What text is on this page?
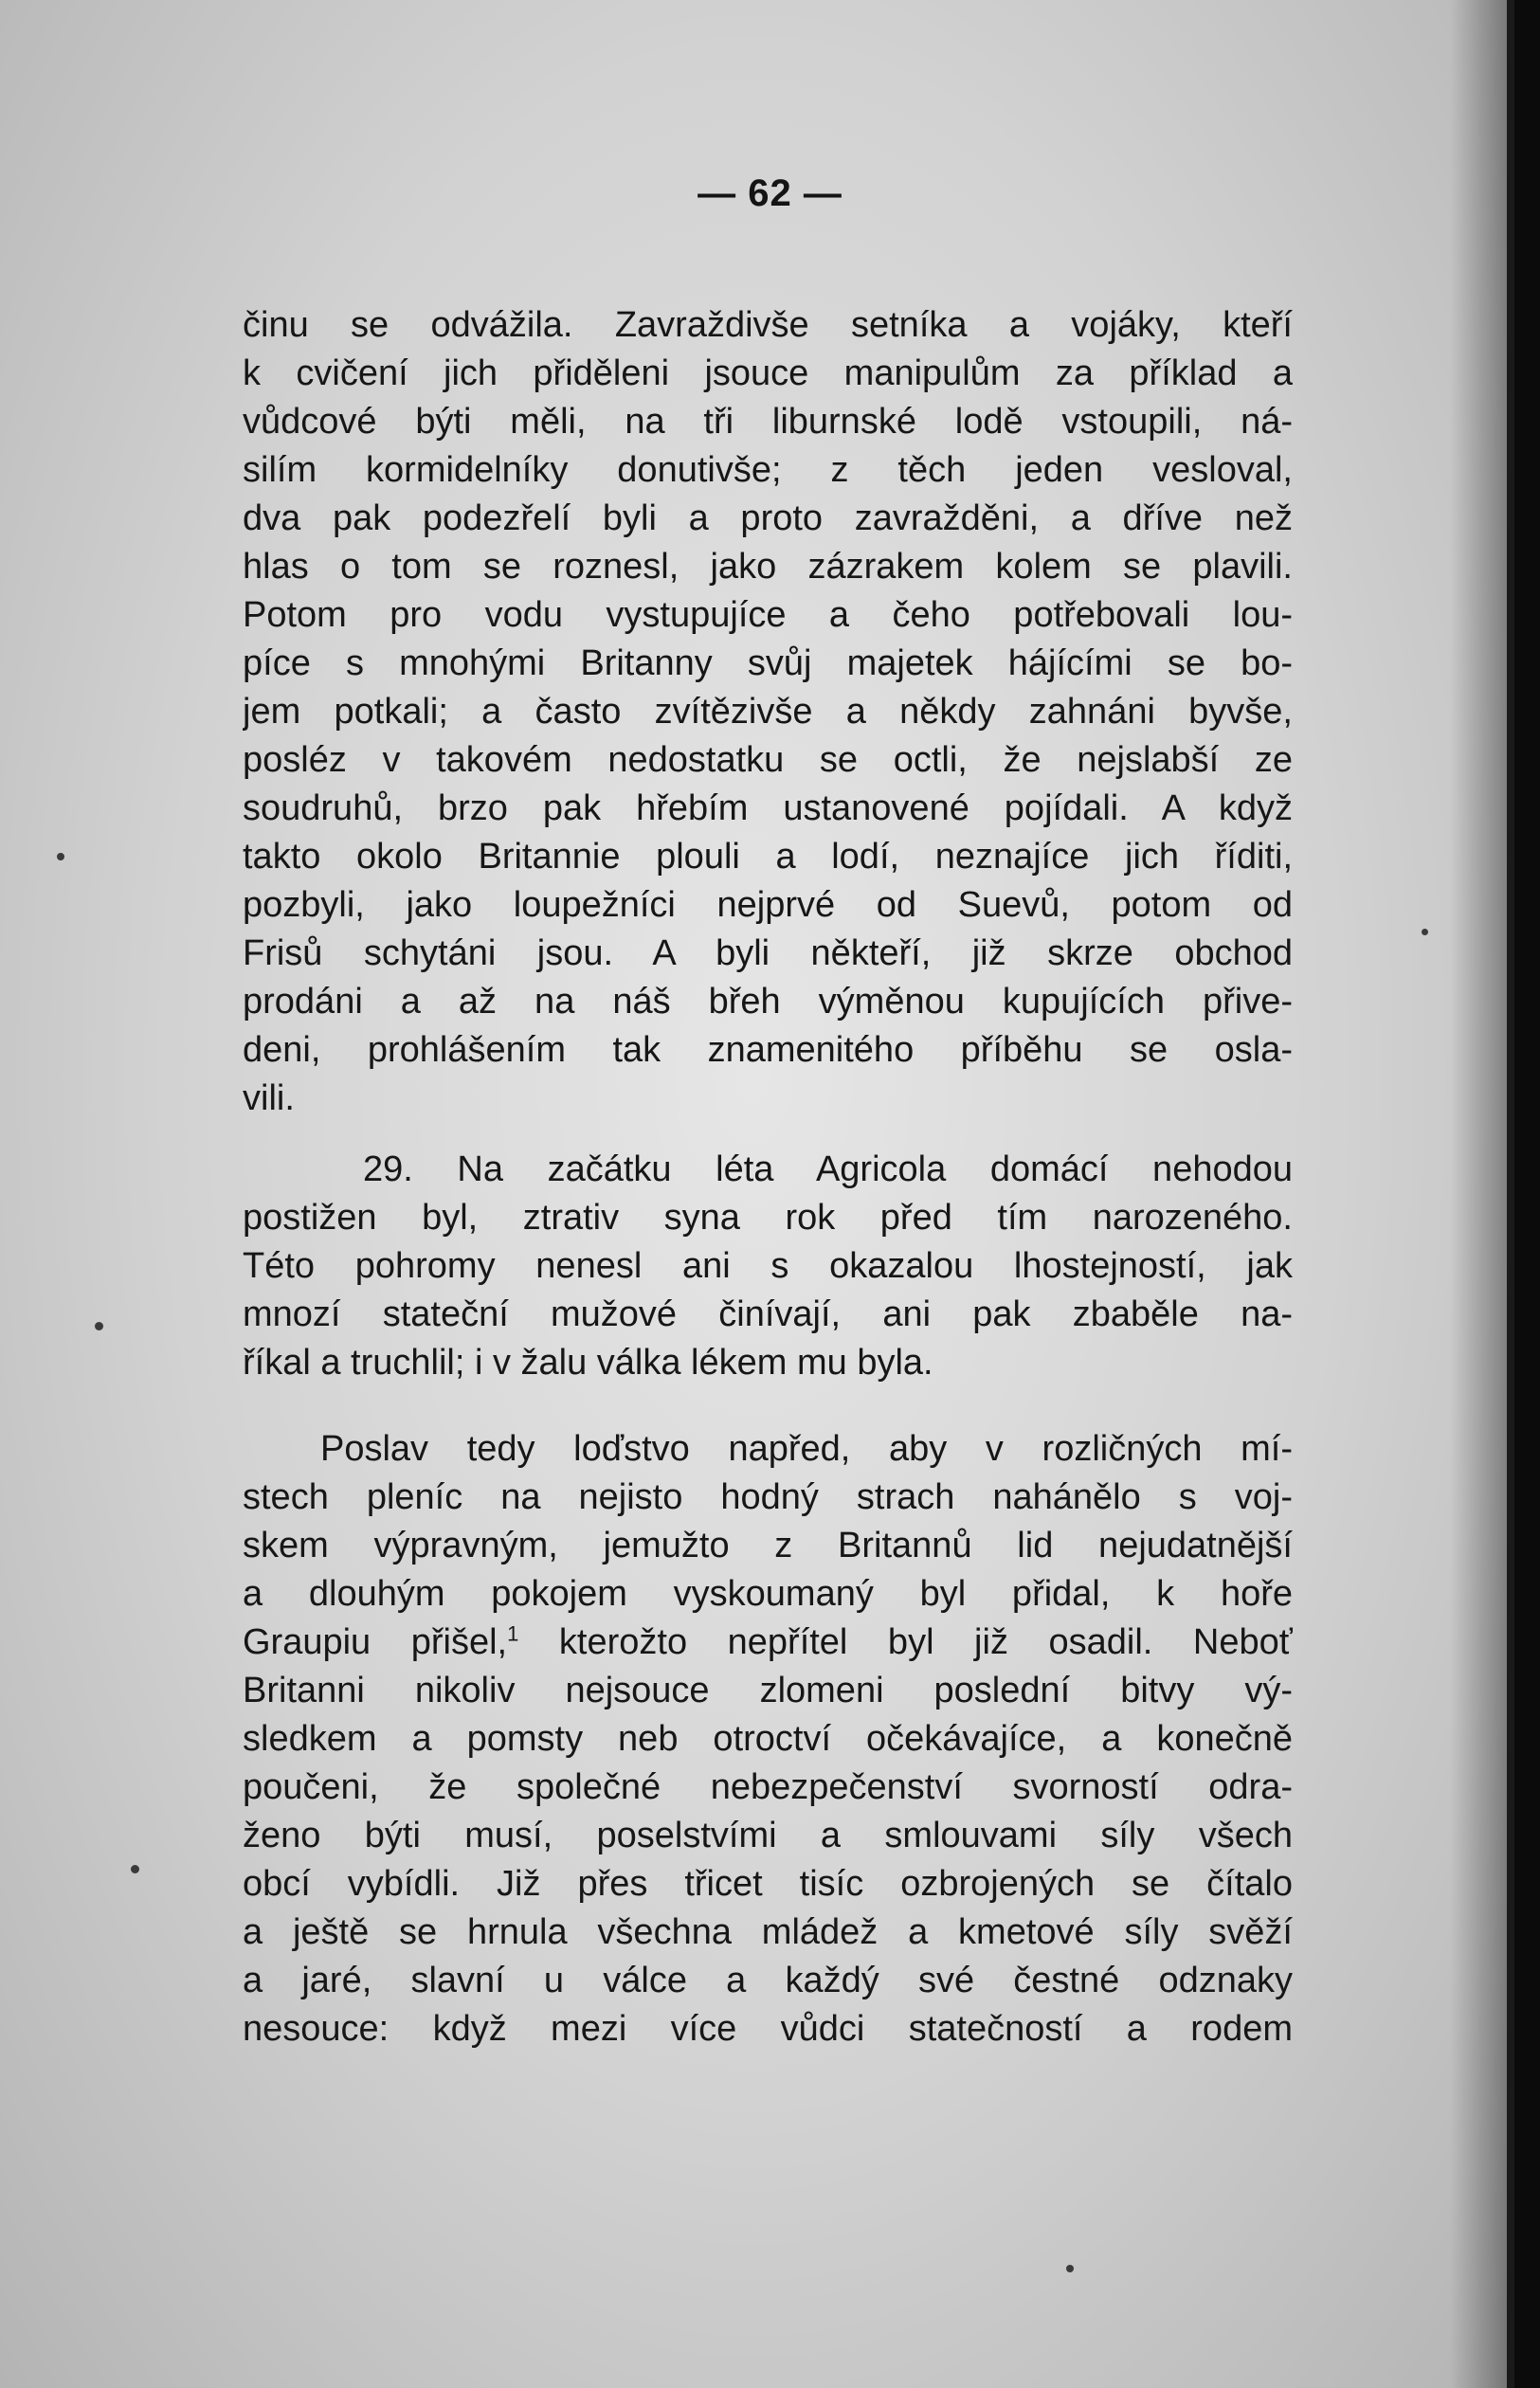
— 62 —
činu se odvážila. Zavraždivše setníka a vojáky, kteří
k cvičení jich přiděleni jsouce manipulům za příklad a
vůdcové býti měli, na tři liburnské lodě vstoupili, ná-
silím kormidelníky donutivše; z těch jeden vesloval,
dva pak podezřelí byli a proto zavražděni, a dříve než
hlas o tom se roznesl, jako zázrakem kolem se plavili.
Potom pro vodu vystupujíce a čeho potřebovali lou-
píce s mnohými Britanny svůj majetek hájícími se bo-
jem potkali; a často zvítězivše a někdy zahnáni byvše,
posléz v takovém nedostatku se octli, že nejslabší ze
soudruhů, brzo pak hřebím ustanovené pojídali. A když
takto okolo Britannie plouli a lodí, neznajíce jich říditi,
pozbyli, jako loupežníci nejprvé od Suevů, potom od
Frisů schytáni jsou. A byli někteří, již skrze obchod
prodáni a až na náš břeh výměnou kupujících přive-
deni, prohlášením tak znamenitého příběhu se osla-
vili.
29. Na začátku léta Agricola domácí nehodou
postižen byl, ztrativ syna rok před tím narozeného.
Této pohromy nenesl ani s okazalou lhostejností, jak
mnozí stateční mužové činívají, ani pak zbaběle na-
říkal a truchlil; i v žalu válka lékem mu byla.
Poslav tedy loďstvo napřed, aby v rozličných mí-
stech pleníc na nejisto hodný strach nahánělo s voj-
skem výpravným, jemužto z Britannů lid nejudatnější
a dlouhým pokojem vyskoumaný byl přidal, k hoře
Graupiu přišel,$^1$ kterožto nepřítel byl již osadil. Neboť
Britanni nikoliv nejsouce zlomeni poslední bitvy vý-
sledkem a pomsty neb otroctví očekávajíce, a konečně
poučeni, že společné nebezpečenství svorností odra-
ženo býti musí, poselstvími a smlouvami síly všech
obcí vybídli. Již přes třicet tisíc ozbrojených se čítalo
a ještě se hrnula všechna mládež a kmetové síly svěží
a jaré, slavní u válce a každý své čestné odznaky
nesouce: když mezi více vůdci statečností a rodem
